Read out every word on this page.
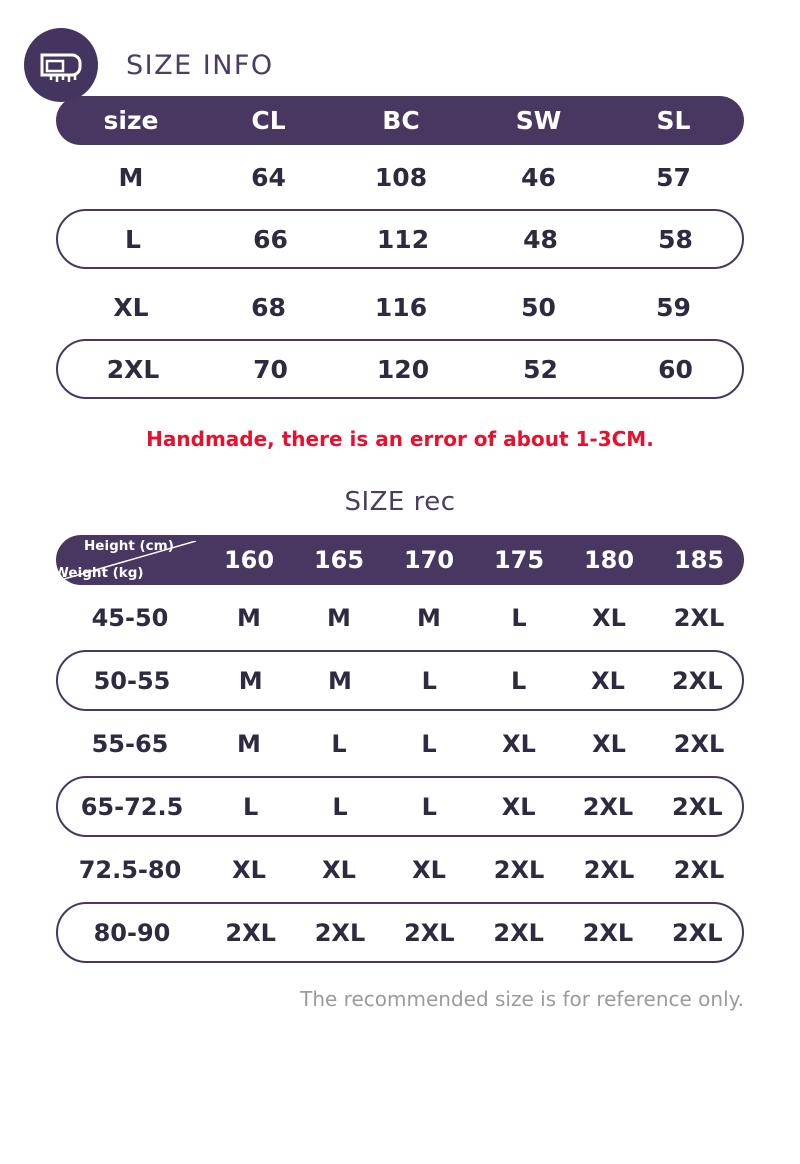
SIZE INFO
size	CL	BC	SW	SL
M	64	108	46	57
L	66	112	48	58
XL	68	116	50	59
2XL	70	120	52	60
Handmade, there is an error of about 1-3CM.
SIZE rec
Height (cm)
Weight (kg)	160	165	170	175	180	185
45-50	M	M	M	L	XL	2XL
50-55	M	M	L	L	XL	2XL
55-65	M	L	L	XL	XL	2XL
65-72.5	L	L	L	XL	2XL	2XL
72.5-80	XL	XL	XL	2XL	2XL	2XL
80-90	2XL	2XL	2XL	2XL	2XL	2XL
The recommended size is for reference only.
